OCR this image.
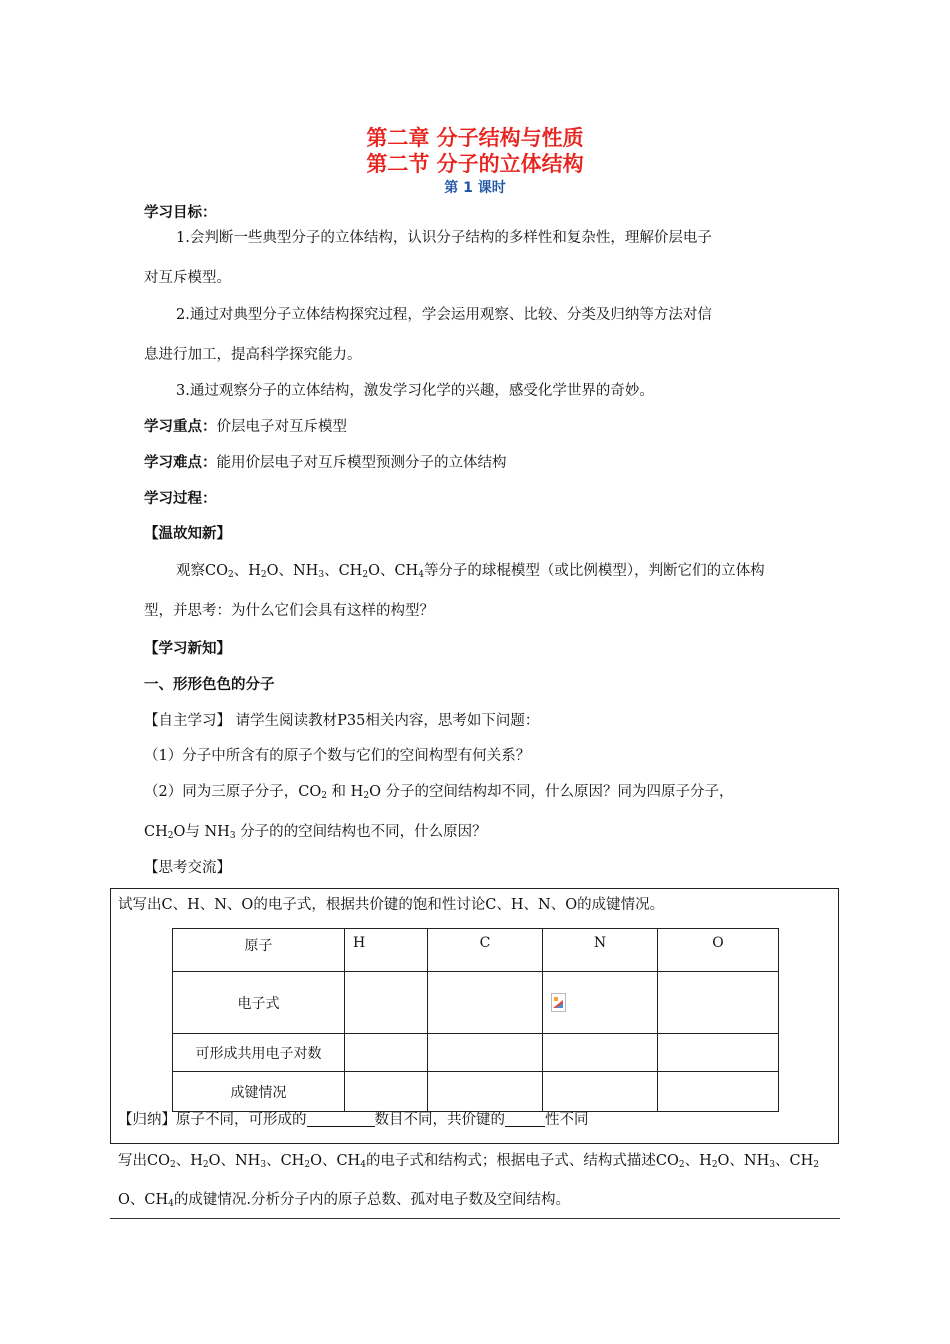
第二章 分子结构与性质
第二节 分子的立体结构
第 1 课时
学习目标：
1.会判断一些典型分子的立体结构，认识分子结构的多样性和复杂性，理解价层电子
对互斥模型。
2.通过对典型分子立体结构探究过程，学会运用观察、比较、分类及归纳等方法对信
息进行加工，提高科学探究能力。
3.通过观察分子的立体结构，激发学习化学的兴趣，感受化学世界的奇妙。
学习重点：价层电子对互斥模型
学习难点：能用价层电子对互斥模型预测分子的立体结构
学习过程：
【温故知新】
观察$CO_2$、$H_2O$、$NH_3$、$CH_2O$、$CH_4$等分子的球棍模型（或比例模型），判断它们的立体构
型，并思考：为什么它们会具有这样的构型？
【学习新知】
一、形形色色的分子
【自主学习】 请学生阅读教材P35相关内容，思考如下问题：
（1）分子中所含有的原子个数与它们的空间构型有何关系？
（2）同为三原子分子，$CO_2$ 和 $H_2O$ 分子的空间结构却不同，什么原因？同为四原子分子，
$CH_2O$与 $NH_3$ 分子的的空间结构也不同，什么原因？
【思考交流】
试写出C、H、N、O的电子式，根据共价键的饱和性讨论C、H、N、O的成键情况。
原子	H	C	N	O
电子式			

可形成共用电子对数				
成键情况				
【归纳】原子不同，可形成的	数目不同，共价键的	性不同
写出$CO_2$、$H_2O$、$NH_3$、$CH_2O$、$CH_4$的电子式和结构式；根据电子式、结构式描述$CO_2$、$H_2O$、$NH_3$、$CH_2$
O、$CH_4$的成键情况.分析分子内的原子总数、孤对电子数及空间结构。
